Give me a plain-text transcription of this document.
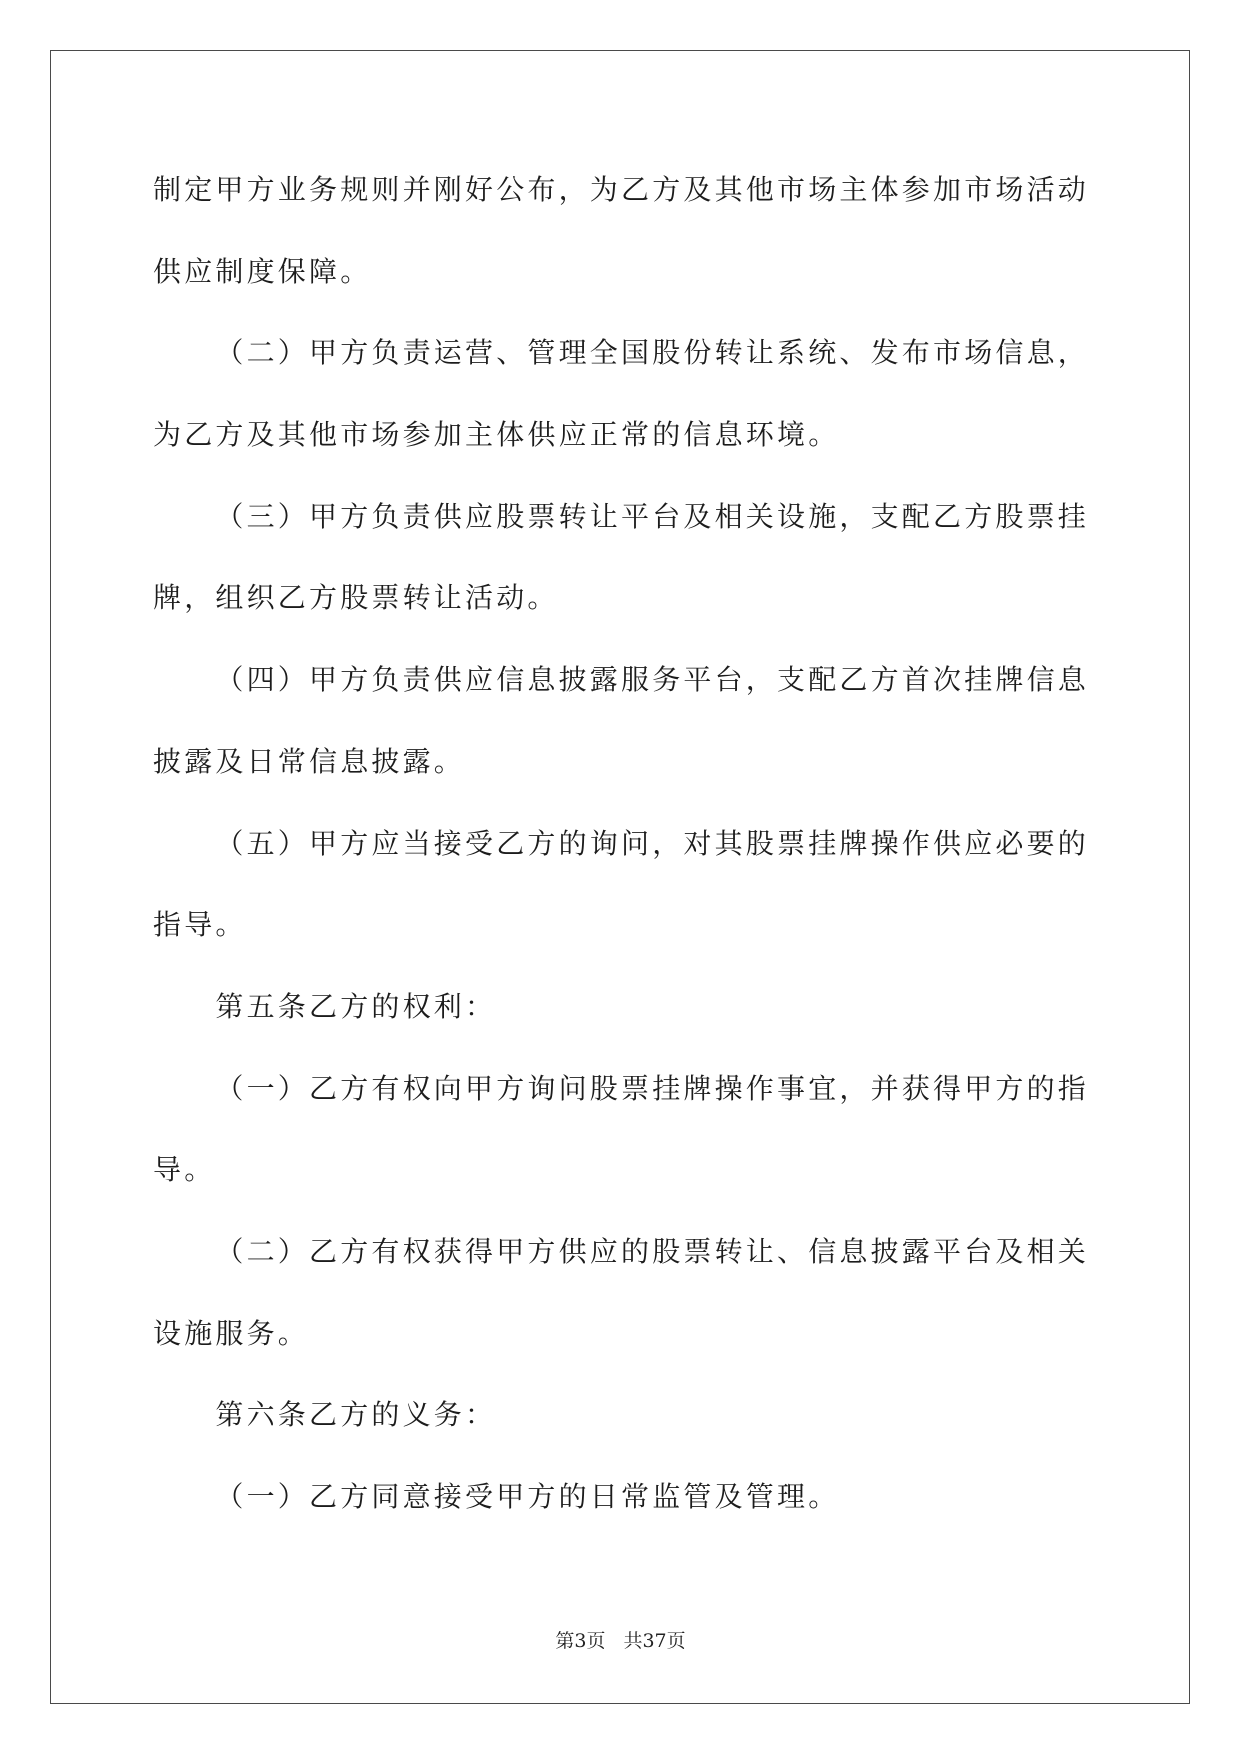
制定甲方业务规则并刚好公布，为乙方及其他市场主体参加市场活动
供应制度保障。
（二）甲方负责运营、管理全国股份转让系统、发布市场信息，
为乙方及其他市场参加主体供应正常的信息环境。
（三）甲方负责供应股票转让平台及相关设施，支配乙方股票挂
牌，组织乙方股票转让活动。
（四）甲方负责供应信息披露服务平台，支配乙方首次挂牌信息
披露及日常信息披露。
（五）甲方应当接受乙方的询问，对其股票挂牌操作供应必要的
指导。
第五条乙方的权利：
（一）乙方有权向甲方询问股票挂牌操作事宜，并获得甲方的指
导。
（二）乙方有权获得甲方供应的股票转让、信息披露平台及相关
设施服务。
第六条乙方的义务：
（一）乙方同意接受甲方的日常监管及管理。
第3页 共37页
